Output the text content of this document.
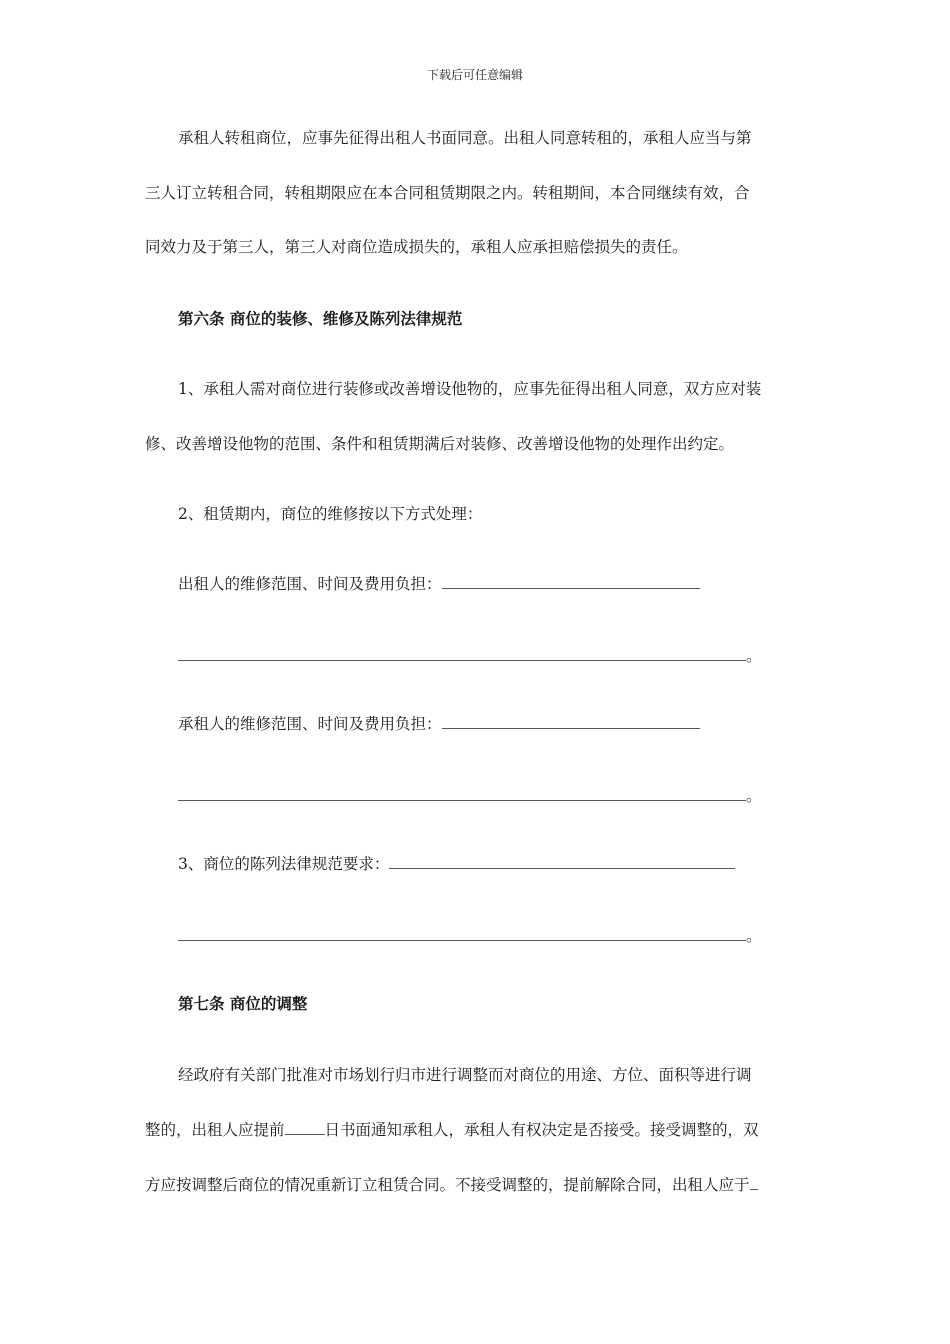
下载后可任意编辑
承租人转租商位，应事先征得出租人书面同意。出租人同意转租的，承租人应当与第
三人订立转租合同，转租期限应在本合同租赁期限之内。转租期间，本合同继续有效，合
同效力及于第三人，第三人对商位造成损失的，承租人应承担赔偿损失的责任。
第六条 商位的装修、维修及陈列法律规范
1、承租人需对商位进行装修或改善增设他物的，应事先征得出租人同意，双方应对装
修、改善增设他物的范围、条件和租赁期满后对装修、改善增设他物的处理作出约定。
2、租赁期内，商位的维修按以下方式处理：
出租人的维修范围、时间及费用负担：
。
承租人的维修范围、时间及费用负担：
。
3、商位的陈列法律规范要求：
。
第七条 商位的调整
经政府有关部门批准对市场划行归市进行调整而对商位的用途、方位、面积等进行调
整的，出租人应提前	日书面通知承租人，承租人有权决定是否接受。接受调整的，双
方应按调整后商位的情况重新订立租赁合同。不接受调整的，提前解除合同，出租人应于
